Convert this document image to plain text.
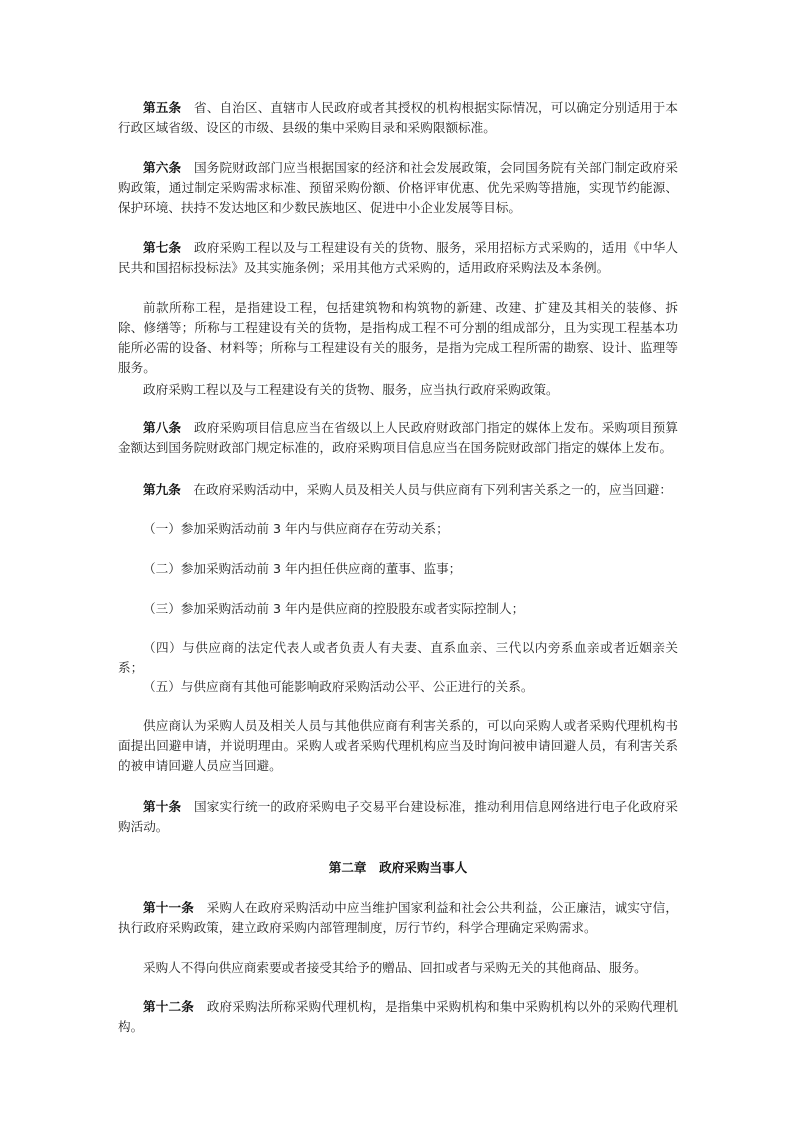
第五条　 省、自治区、直辖市人民政府或者其授权的机构根据实际情况，可以确定分别适用于本行政区域省级、设区的市级、县级的集中采购目录和采购限额标准。

第六条　 国务院财政部门应当根据国家的经济和社会发展政策，会同国务院有关部门制定政府采购政策，通过制定采购需求标准、预留采购份额、价格评审优惠、优先采购等措施，实现节约能源、保护环境、扶持不发达地区和少数民族地区、促进中小企业发展等目标。

第七条　 政府采购工程以及与工程建设有关的货物、服务，采用招标方式采购的，适用《中华人民共和国招标投标法》及其实施条例；采用其他方式采购的，适用政府采购法及本条例。

前款所称工程，是指建设工程，包括建筑物和构筑物的新建、改建、扩建及其相关的装修、拆除、修缮等；所称与工程建设有关的货物，是指构成工程不可分割的组成部分，且为实现工程基本功能所必需的设备、材料等；所称与工程建设有关的服务，是指为完成工程所需的勘察、设计、监理等服务。

政府采购工程以及与工程建设有关的货物、服务，应当执行政府采购政策。

第八条　 政府采购项目信息应当在省级以上人民政府财政部门指定的媒体上发布。采购项目预算金额达到国务院财政部门规定标准的，政府采购项目信息应当在国务院财政部门指定的媒体上发布。

第九条　 在政府采购活动中，采购人员及相关人员与供应商有下列利害关系之一的，应当回避：

（一）参加采购活动前 3 年内与供应商存在劳动关系；

（二）参加采购活动前 3 年内担任供应商的董事、监事；

（三）参加采购活动前 3 年内是供应商的控股股东或者实际控制人；

（四）与供应商的法定代表人或者负责人有夫妻、直系血亲、三代以内旁系血亲或者近姻亲关系；

（五）与供应商有其他可能影响政府采购活动公平、公正进行的关系。

供应商认为采购人员及相关人员与其他供应商有利害关系的，可以向采购人或者采购代理机构书面提出回避申请，并说明理由。采购人或者采购代理机构应当及时询问被申请回避人员，有利害关系的被申请回避人员应当回避。

第十条　 国家实行统一的政府采购电子交易平台建设标准，推动利用信息网络进行电子化政府采购活动。

第二章　政府采购当事人

第十一条　 采购人在政府采购活动中应当维护国家利益和社会公共利益，公正廉洁，诚实守信，执行政府采购政策，建立政府采购内部管理制度，厉行节约，科学合理确定采购需求。

采购人不得向供应商索要或者接受其给予的赠品、回扣或者与采购无关的其他商品、服务。

第十二条　 政府采购法所称采购代理机构，是指集中采购机构和集中采购机构以外的采购代理机构。
